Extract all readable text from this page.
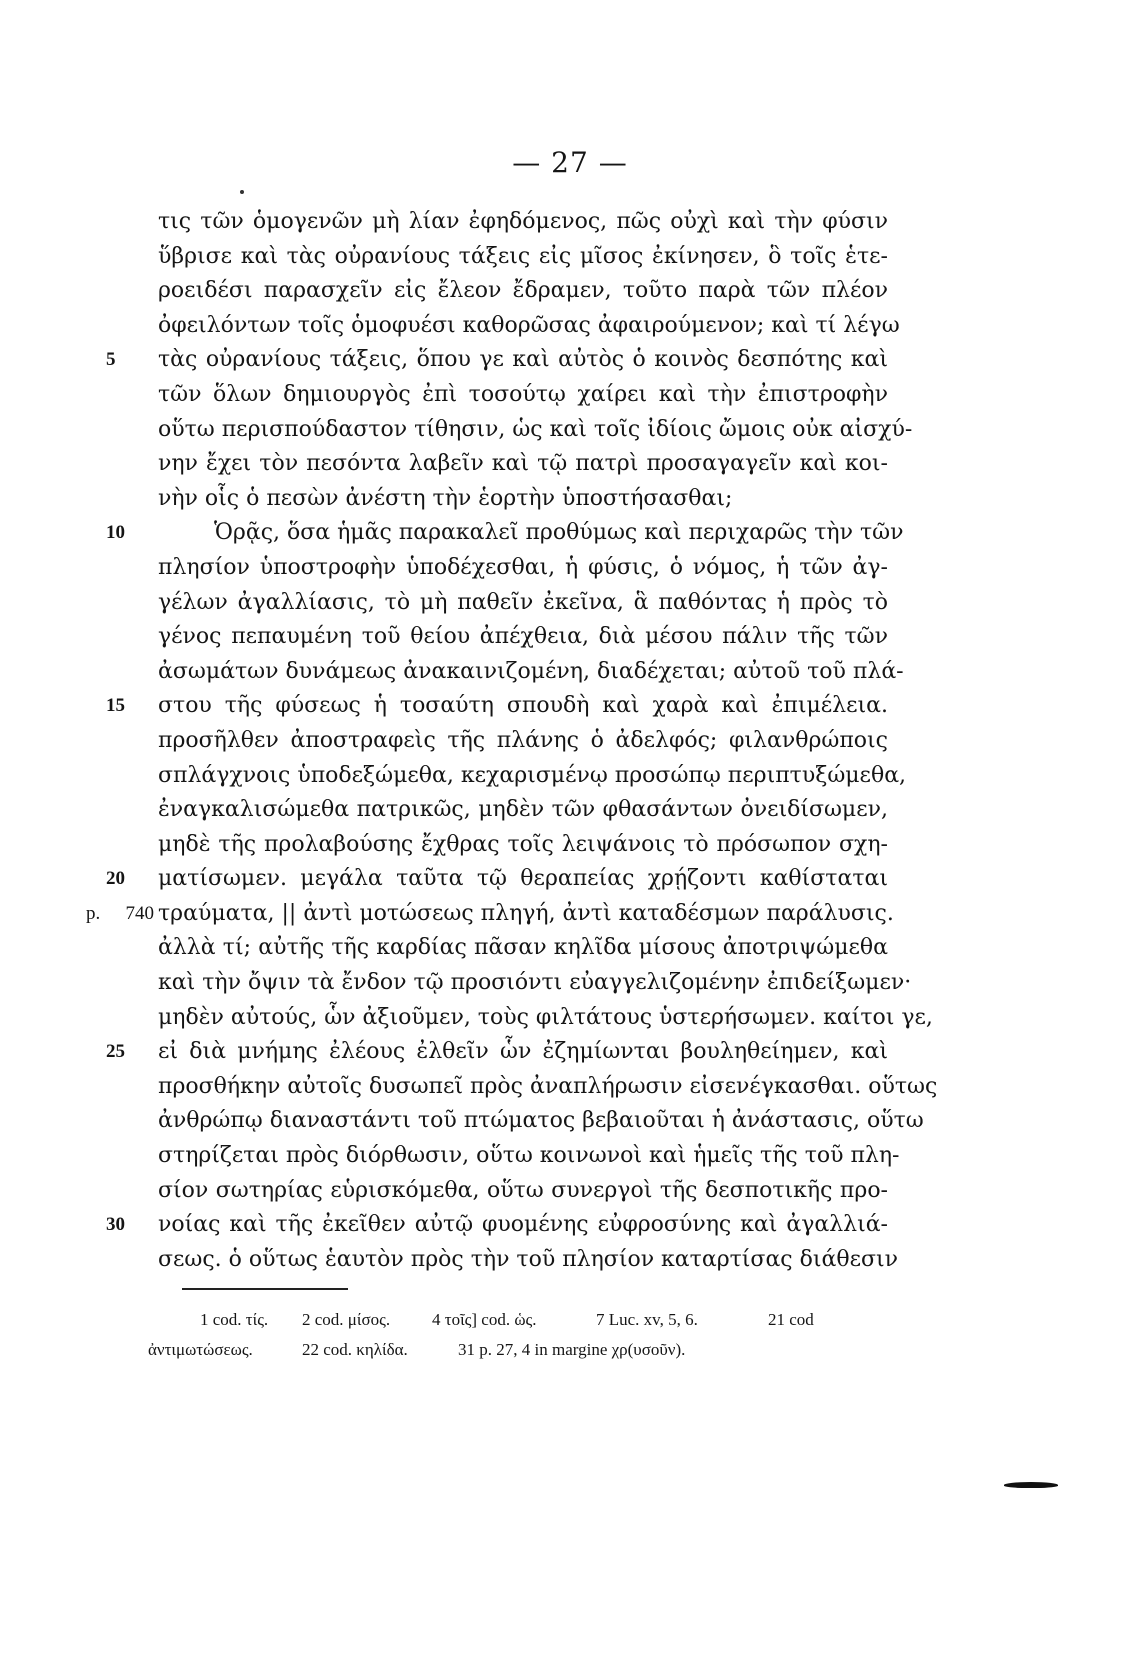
— 27 —
τις τῶν ὁμογενῶν μὴ λίαν ἐφηδόμενος, πῶς οὐχὶ καὶ τὴν φύσιν
ὕβρισε καὶ τὰς οὐρανίους τάξεις εἰς μῖσος ἐκίνησεν, ὃ τοῖς ἑτε-
ροειδέσι παρασχεῖν εἰς ἔλεον ἔδραμεν, τοῦτο παρὰ τῶν πλέον
ὀφειλόντων τοῖς ὁμοφυέσι καθορῶσας ἀφαιρούμενον; καὶ τί λέγω
5	τὰς οὐρανίους τάξεις, ὅπου γε καὶ αὐτὸς ὁ κοινὸς δεσπότης καὶ
τῶν ὅλων δημιουργὸς ἐπὶ τοσούτῳ χαίρει καὶ τὴν ἐπιστροφὴν
οὕτω περισπούδαστον τίθησιν, ὡς καὶ τοῖς ἰδίοις ὤμοις οὐκ αἰσχύ-
νην ἔχει τὸν πεσόντα λαβεῖν καὶ τῷ πατρὶ προσαγαγεῖν καὶ κοι-
νὴν οἷς ὁ πεσὼν ἀνέστη τὴν ἑορτὴν ὑποστήσασθαι;
10	Ὁρᾷς, ὅσα ἡμᾶς παρακαλεῖ προθύμως καὶ περιχαρῶς τὴν τῶν
πλησίον ὑποστροφὴν ὑποδέχεσθαι, ἡ φύσις, ὁ νόμος, ἡ τῶν ἀγ-
γέλων ἀγαλλίασις, τὸ μὴ παθεῖν ἐκεῖνα, ἃ παθόντας ἡ πρὸς τὸ
γένος πεπαυμένη τοῦ θείου ἀπέχθεια, διὰ μέσου πάλιν τῆς τῶν
ἀσωμάτων δυνάμεως ἀνακαινιζομένη, διαδέχεται; αὐτοῦ τοῦ πλά-
15	στου τῆς φύσεως ἡ τοσαύτη σπουδὴ καὶ χαρὰ καὶ ἐπιμέλεια.
προσῆλθεν ἀποστραφεὶς τῆς πλάνης ὁ ἀδελφός; φιλανθρώποις
σπλάγχνοις ὑποδεξώμεθα, κεχαρισμένῳ προσώπῳ περιπτυξώμεθα,
ἐναγκαλισώμεθα πατρικῶς, μηδὲν τῶν φθασάντων ὀνειδίσωμεν,
μηδὲ τῆς προλαβούσης ἔχθρας τοῖς λειψάνοις τὸ πρόσωπον σχη-
20	ματίσωμεν. μεγάλα ταῦτα τῷ θεραπείας χρῄζοντι καθίσταται
p. 740 τραύματα, || ἀντὶ μοτώσεως πληγή, ἀντὶ καταδέσμων παράλυσις.
ἀλλὰ τί; αὐτῆς τῆς καρδίας πᾶσαν κηλῖδα μίσους ἀποτριψώμεθα
καὶ τὴν ὄψιν τὰ ἔνδον τῷ προσιόντι εὐαγγελιζομένην ἐπιδείξωμεν·
μηδὲν αὐτούς, ὧν ἀξιοῦμεν, τοὺς φιλτάτους ὑστερήσωμεν. καίτοι γε,
25	εἰ διὰ μνήμης ἐλέους ἐλθεῖν ὧν ἐζημίωνται βουληθείημεν, καὶ
προσθήκην αὐτοῖς δυσωπεῖ πρὸς ἀναπλήρωσιν εἰσενέγκασθαι. οὕτως
ἀνθρώπῳ διαναστάντι τοῦ πτώματος βεβαιοῦται ἡ ἀνάστασις, οὕτω
στηρίζεται πρὸς διόρθωσιν, οὕτω κοινωνοὶ καὶ ἡμεῖς τῆς τοῦ πλη-
σίον σωτηρίας εὑρισκόμεθα, οὕτω συνεργοὶ τῆς δεσποτικῆς προ-
30	νοίας καὶ τῆς ἐκεῖθεν αὐτῷ φυομένης εὐφροσύνης καὶ ἀγαλλιά-
σεως. ὁ οὕτως ἑαυτὸν πρὸς τὴν τοῦ πλησίον καταρτίσας διάθεσιν
1 cod. τίς. 2 cod. μίσος. 4 τοῖς] cod. ὡς.	7 Luc. xv, 5, 6.	21 cod
ἀντιμωτώσεως.	22 cod. κηλίδα.	31 p. 27, 4 in margine χρ(υσοῦν).
